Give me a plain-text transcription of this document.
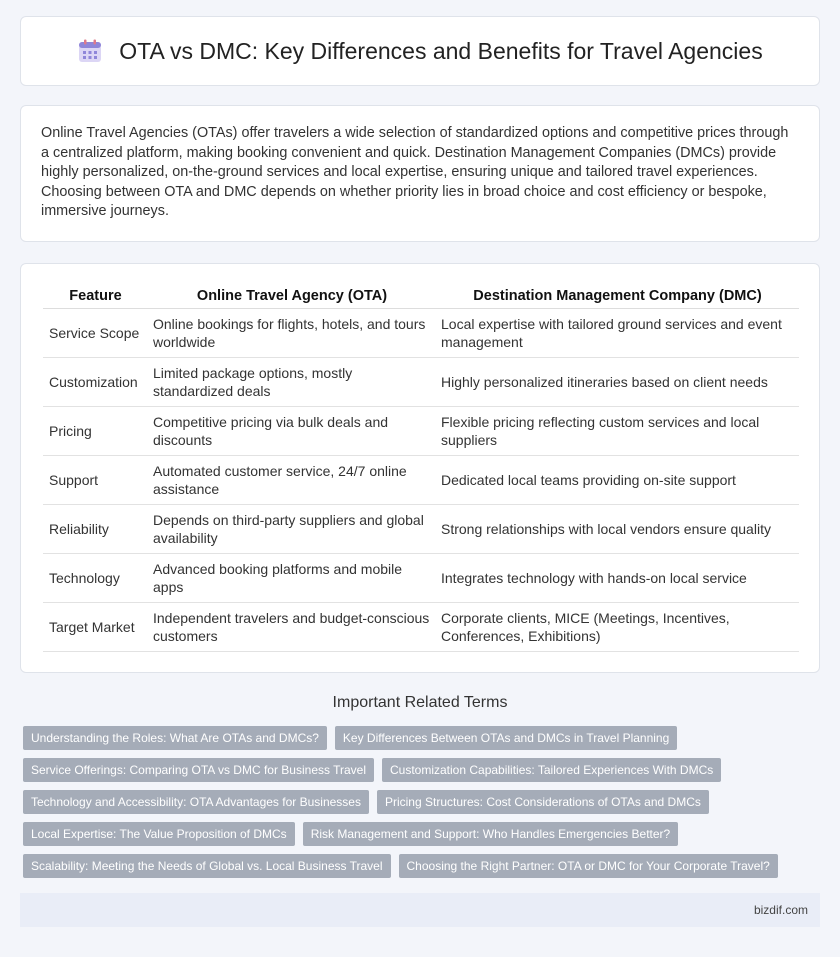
OTA vs DMC: Key Differences and Benefits for Travel Agencies

Online Travel Agencies (OTAs) offer travelers a wide selection of standardized options and competitive prices through a centralized platform, making booking convenient and quick. Destination Management Companies (DMCs) provide highly personalized, on-the-ground services and local expertise, ensuring unique and tailored travel experiences. Choosing between OTA and DMC depends on whether priority lies in broad choice and cost efficiency or bespoke, immersive journeys.

Feature	Online Travel Agency (OTA)	Destination Management Company (DMC)
Service Scope	Online bookings for flights, hotels, and tours worldwide	Local expertise with tailored ground services and event management
Customization	Limited package options, mostly standardized deals	Highly personalized itineraries based on client needs
Pricing	Competitive pricing via bulk deals and discounts	Flexible pricing reflecting custom services and local suppliers
Support	Automated customer service, 24/7 online assistance	Dedicated local teams providing on-site support
Reliability	Depends on third-party suppliers and global availability	Strong relationships with local vendors ensure quality
Technology	Advanced booking platforms and mobile apps	Integrates technology with hands-on local service
Target Market	Independent travelers and budget-conscious customers	Corporate clients, MICE (Meetings, Incentives, Conferences, Exhibitions)
Important Related Terms
Understanding the Roles: What Are OTAs and DMCs?	Key Differences Between OTAs and DMCs in Travel Planning
Service Offerings: Comparing OTA vs DMC for Business Travel	Customization Capabilities: Tailored Experiences With DMCs
Technology and Accessibility: OTA Advantages for Businesses	Pricing Structures: Cost Considerations of OTAs and DMCs
Local Expertise: The Value Proposition of DMCs	Risk Management and Support: Who Handles Emergencies Better?
Scalability: Meeting the Needs of Global vs. Local Business Travel	Choosing the Right Partner: OTA or DMC for Your Corporate Travel?
bizdif.com
